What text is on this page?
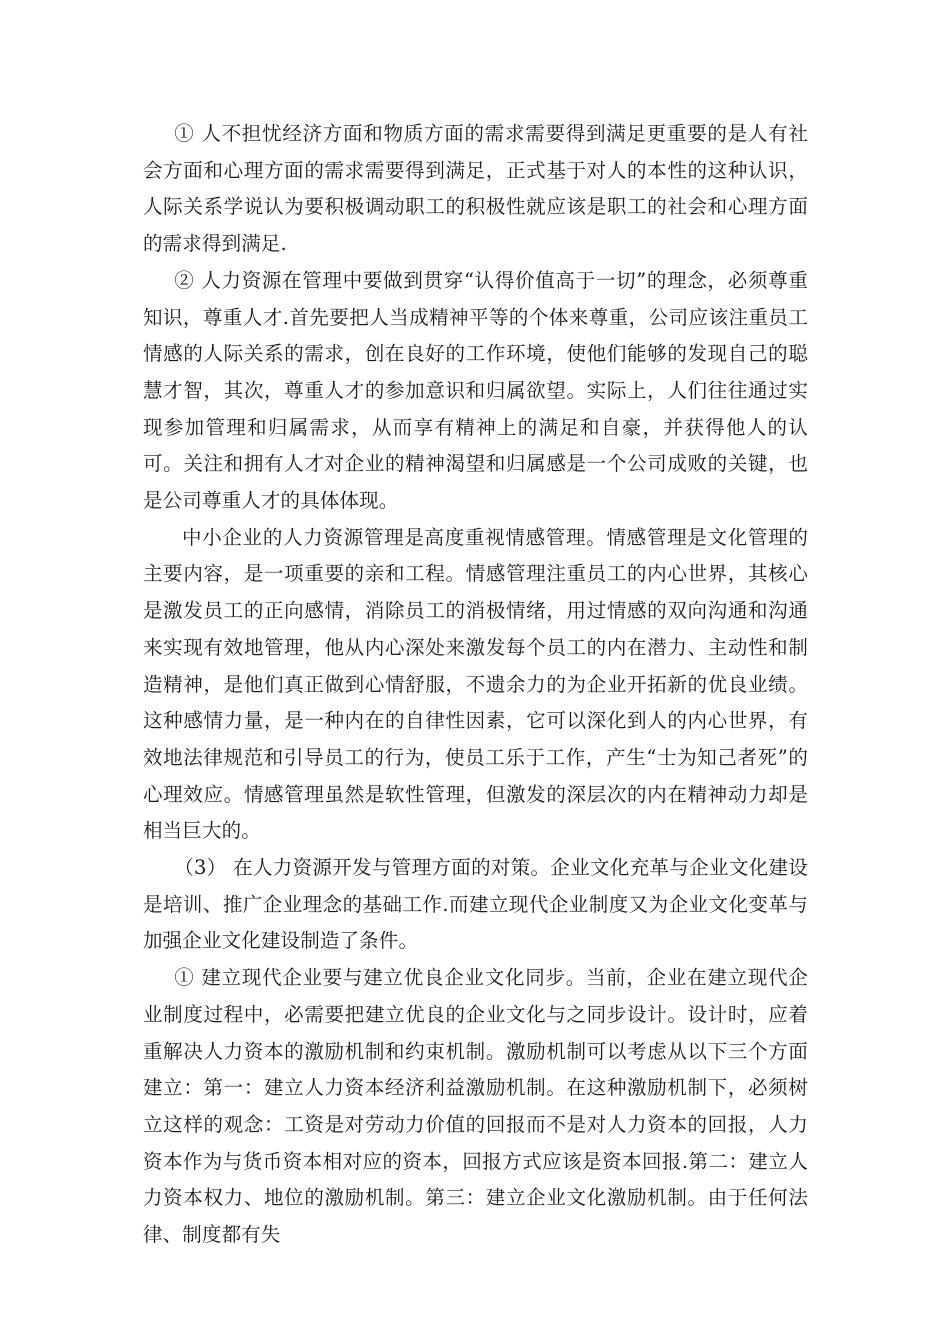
① 人不担忧经济方面和物质方面的需求需要得到满足更重要的是人有社会方面和心理方面的需求需要得到满足，正式基于对人的本性的这种认识，人际关系学说认为要积极调动职工的积极性就应该是职工的社会和心理方面的需求得到满足.

② 人力资源在管理中要做到贯穿“认得价值高于一切”的理念，必须尊重知识，尊重人才.首先要把人当成精神平等的个体来尊重，公司应该注重员工情感的人际关系的需求，创在良好的工作环境，使他们能够的发现自己的聪慧才智，其次，尊重人才的参加意识和归属欲望。实际上，人们往往通过实现参加管理和归属需求，从而享有精神上的满足和自豪，并获得他人的认可。关注和拥有人才对企业的精神渴望和归属感是一个公司成败的关键，也是公司尊重人才的具体体现。

中小企业的人力资源管理是高度重视情感管理。情感管理是文化管理的主要内容，是一项重要的亲和工程。情感管理注重员工的内心世界，其核心是激发员工的正向感情，消除员工的消极情绪，用过情感的双向沟通和沟通来实现有效地管理，他从内心深处来激发每个员工的内在潜力、主动性和制造精神，是他们真正做到心情舒服，不遗余力的为企业开拓新的优良业绩。这种感情力量，是一种内在的自律性因素，它可以深化到人的内心世界，有效地法律规范和引导员工的行为，使员工乐于工作，产生“士为知己者死”的心理效应。情感管理虽然是软性管理，但激发的深层次的内在精神动力却是相当巨大的。

（3） 在人力资源开发与管理方面的对策。企业文化充革与企业文化建设是培训、推广企业理念的基础工作.而建立现代企业制度又为企业文化变革与加强企业文化建设制造了条件。

① 建立现代企业要与建立优良企业文化同步。当前，企业在建立现代企业制度过程中，必需要把建立优良的企业文化与之同步设计。设计时，应着重解决人力资本的激励机制和约束机制。激励机制可以考虑从以下三个方面建立：第一：建立人力资本经济利益激励机制。在这种激励机制下，必须树立这样的观念：工资是对劳动力价值的回报而不是对人力资本的回报，人力资本作为与货币资本相对应的资本，回报方式应该是资本回报.第二：建立人力资本权力、地位的激励机制。第三：建立企业文化激励机制。由于任何法律、制度都有失
